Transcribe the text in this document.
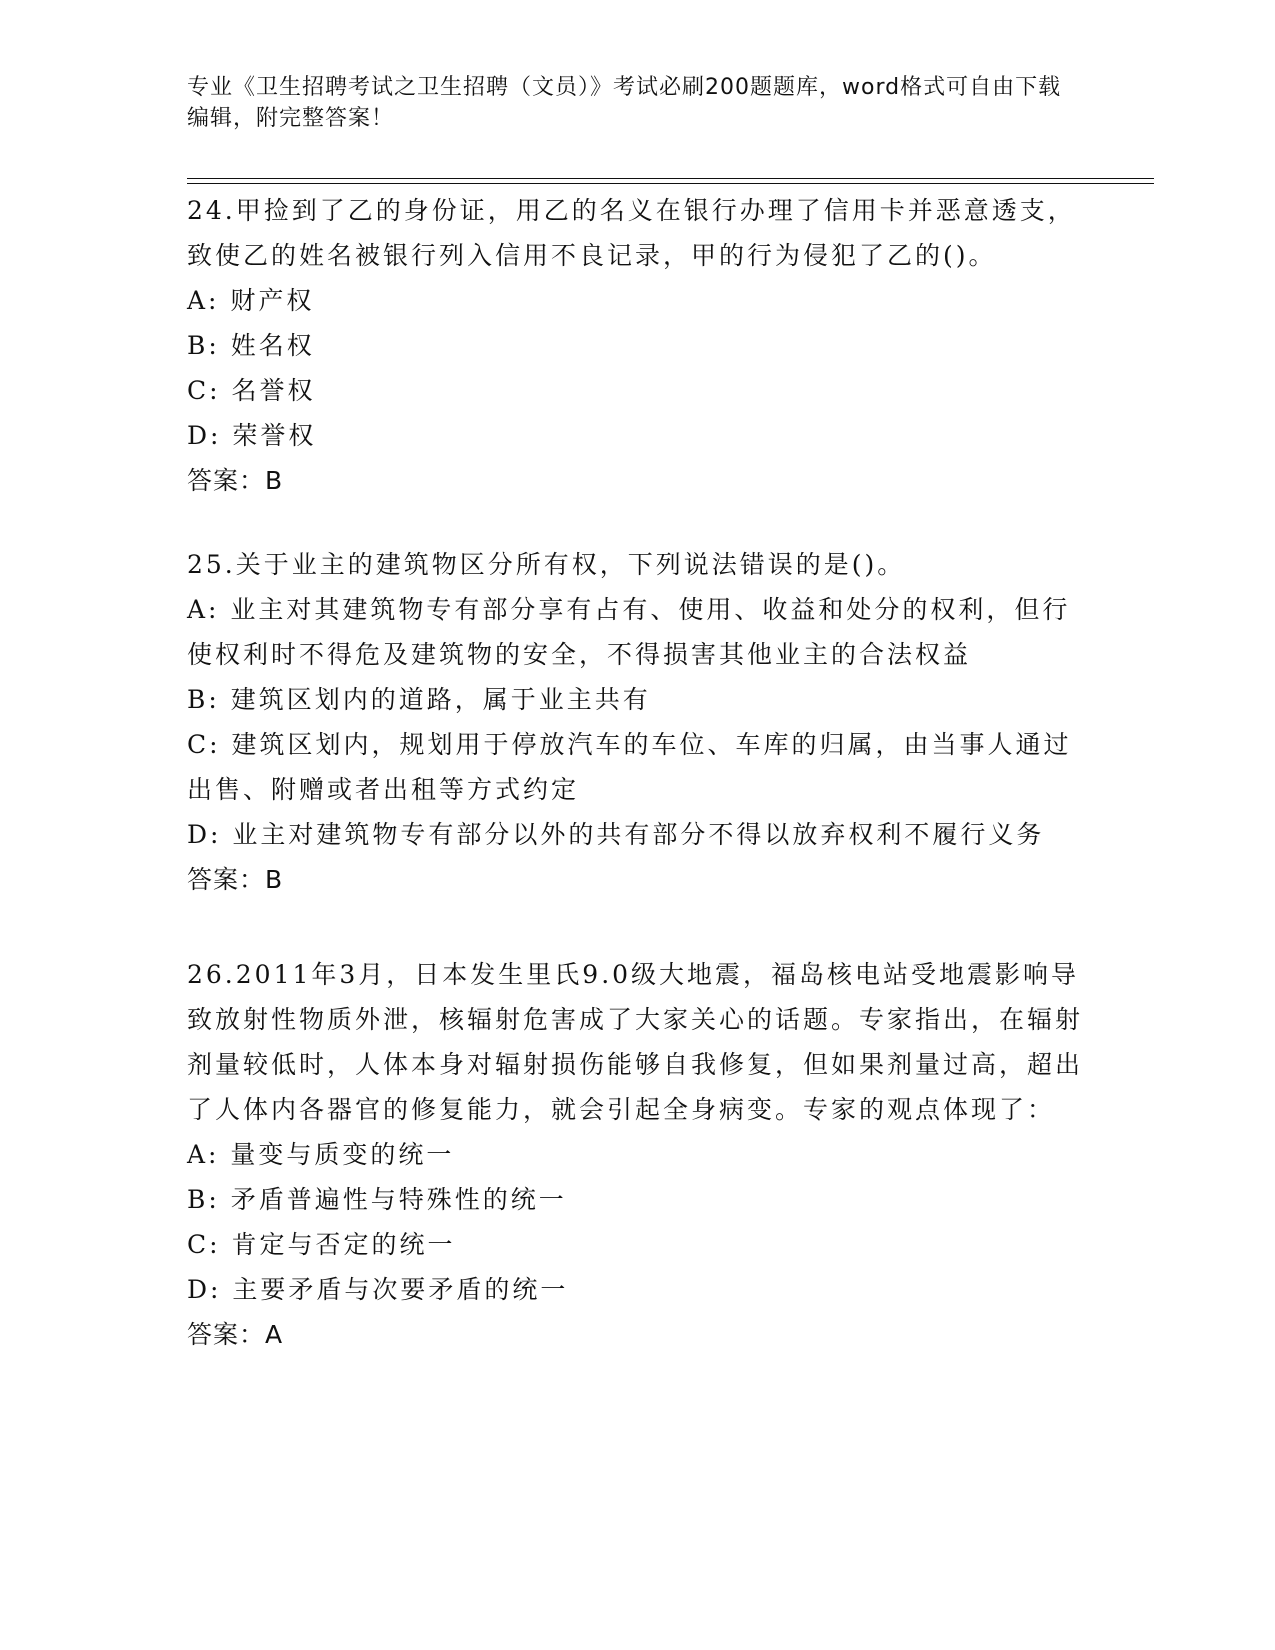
专业《卫生招聘考试之卫生招聘（文员）》考试必刷200题题库，word格式可自由下载编辑，附完整答案！
24.甲捡到了乙的身份证，用乙的名义在银行办理了信用卡并恶意透支，致使乙的姓名被银行列入信用不良记录，甲的行为侵犯了乙的()。
A: 财产权
B: 姓名权
C: 名誉权
D: 荣誉权
答案：B
25.关于业主的建筑物区分所有权，下列说法错误的是()。
A: 业主对其建筑物专有部分享有占有、使用、收益和处分的权利，但行使权利时不得危及建筑物的安全，不得损害其他业主的合法权益
B: 建筑区划内的道路，属于业主共有
C: 建筑区划内，规划用于停放汽车的车位、车库的归属，由当事人通过出售、附赠或者出租等方式约定
D: 业主对建筑物专有部分以外的共有部分不得以放弃权利不履行义务
答案：B
26.2011年3月，日本发生里氏9.0级大地震，福岛核电站受地震影响导致放射性物质外泄，核辐射危害成了大家关心的话题。专家指出，在辐射剂量较低时，人体本身对辐射损伤能够自我修复，但如果剂量过高，超出了人体内各器官的修复能力，就会引起全身病变。专家的观点体现了：
A: 量变与质变的统一
B: 矛盾普遍性与特殊性的统一
C: 肯定与否定的统一
D: 主要矛盾与次要矛盾的统一
答案：A
